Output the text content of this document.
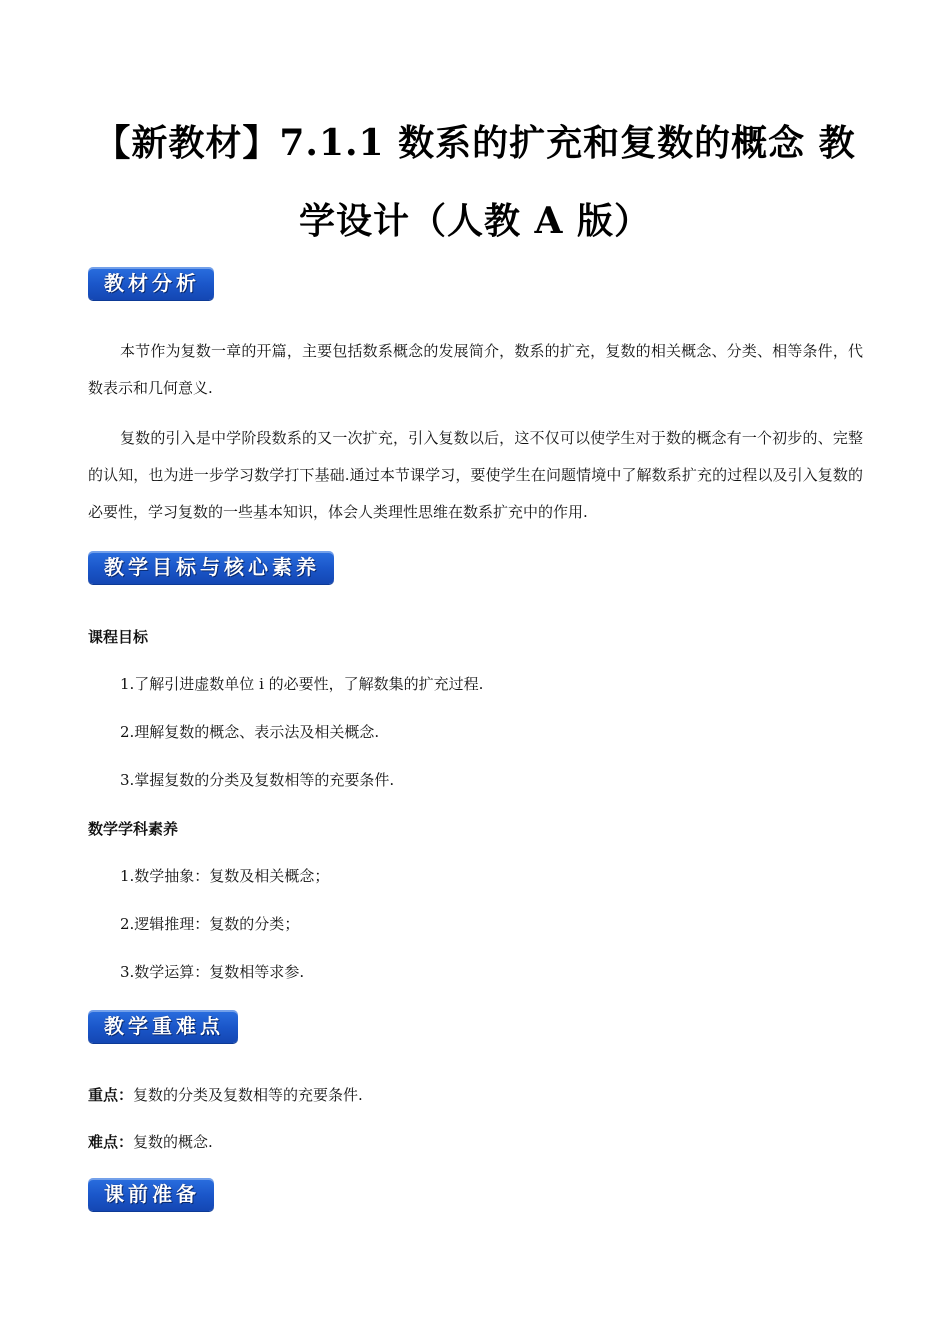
【新教材】7.1.1 数系的扩充和复数的概念 教
学设计（人教 A 版）
教材分析
本节作为复数一章的开篇，主要包括数系概念的发展简介，数系的扩充，复数的相关概念、分类、相等条件，代数表示和几何意义.
复数的引入是中学阶段数系的又一次扩充，引入复数以后，这不仅可以使学生对于数的概念有一个初步的、完整的认知，也为进一步学习数学打下基础.通过本节课学习，要使学生在问题情境中了解数系扩充的过程以及引入复数的必要性，学习复数的一些基本知识，体会人类理性思维在数系扩充中的作用.
教学目标与核心素养
课程目标
1.了解引进虚数单位 i 的必要性，了解数集的扩充过程.
2.理解复数的概念、表示法及相关概念.
3.掌握复数的分类及复数相等的充要条件.
数学学科素养
1.数学抽象：复数及相关概念；
2.逻辑推理：复数的分类；
3.数学运算：复数相等求参.
教学重难点
重点：复数的分类及复数相等的充要条件.
难点：复数的概念.
课前准备
